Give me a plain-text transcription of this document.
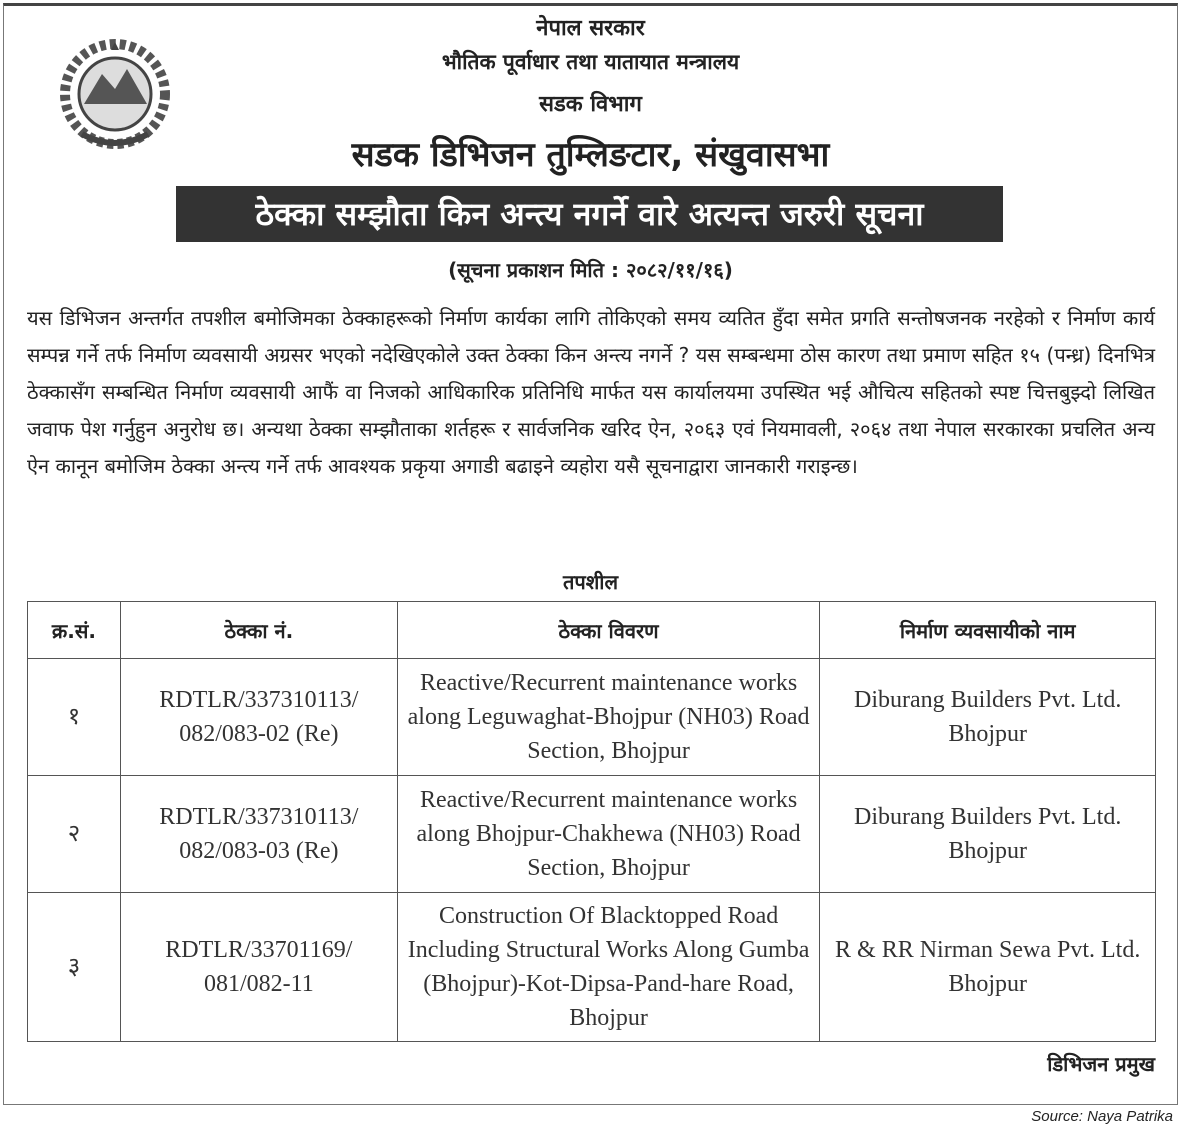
नेपाल सरकार
भौतिक पूर्वाधार तथा यातायात मन्त्रालय
सडक विभाग
सडक डिभिजन तुम्लिङटार, संखुवासभा
ठेक्का सम्झौता किन अन्त्य नगर्ने वारे अत्यन्त जरुरी सूचना
(सूचना प्रकाशन मिति : २०८२/११/१६)
यस डिभिजन अन्तर्गत तपशील बमोजिमका ठेक्काहरूको निर्माण कार्यका लागि तोकिएको समय व्यतित हुँदा समेत प्रगति सन्तोषजनक नरहेको र निर्माण कार्य सम्पन्न गर्ने तर्फ निर्माण व्यवसायी अग्रसर भएको नदेखिएकोले उक्त ठेक्का किन अन्त्य नगर्ने ? यस सम्बन्धमा ठोस कारण तथा प्रमाण सहित १५ (पन्ध्र) दिनभित्र ठेक्कासँग सम्बन्धित निर्माण व्यवसायी आफैं वा निजको आधिकारिक प्रतिनिधि मार्फत यस कार्यालयमा उपस्थित भई औचित्य सहितको स्पष्ट चित्तबुझ्दो लिखित जवाफ पेश गर्नुहुन अनुरोध छ। अन्यथा ठेक्का सम्झौताका शर्तहरू र सार्वजनिक खरिद ऐन, २०६३ एवं नियमावली, २०६४ तथा नेपाल सरकारका प्रचलित अन्य ऐन कानून बमोजिम ठेक्का अन्त्य गर्ने तर्फ आवश्यक प्रकृया अगाडी बढाइने व्यहोरा यसै सूचनाद्वारा जानकारी गराइन्छ।
तपशील
क्र.सं.	ठेक्का नं.	ठेक्का विवरण	निर्माण व्यवसायीको नाम
१	RDTLR/337310113/ 082/083-02 (Re)	Reactive/Recurrent maintenance works along Leguwaghat-Bhojpur (NH03) Road Section, Bhojpur	Diburang Builders Pvt. Ltd. Bhojpur
२	RDTLR/337310113/ 082/083-03 (Re)	Reactive/Recurrent maintenance works along Bhojpur-Chakhewa (NH03) Road Section, Bhojpur	Diburang Builders Pvt. Ltd. Bhojpur
३	RDTLR/33701169/ 081/082-11	Construction Of Blacktopped Road Including Structural Works Along Gumba (Bhojpur)-Kot-Dipsa-Pand-hare Road, Bhojpur	R & RR Nirman Sewa Pvt. Ltd. Bhojpur
डिभिजन प्रमुख
Source: Naya Patrika
